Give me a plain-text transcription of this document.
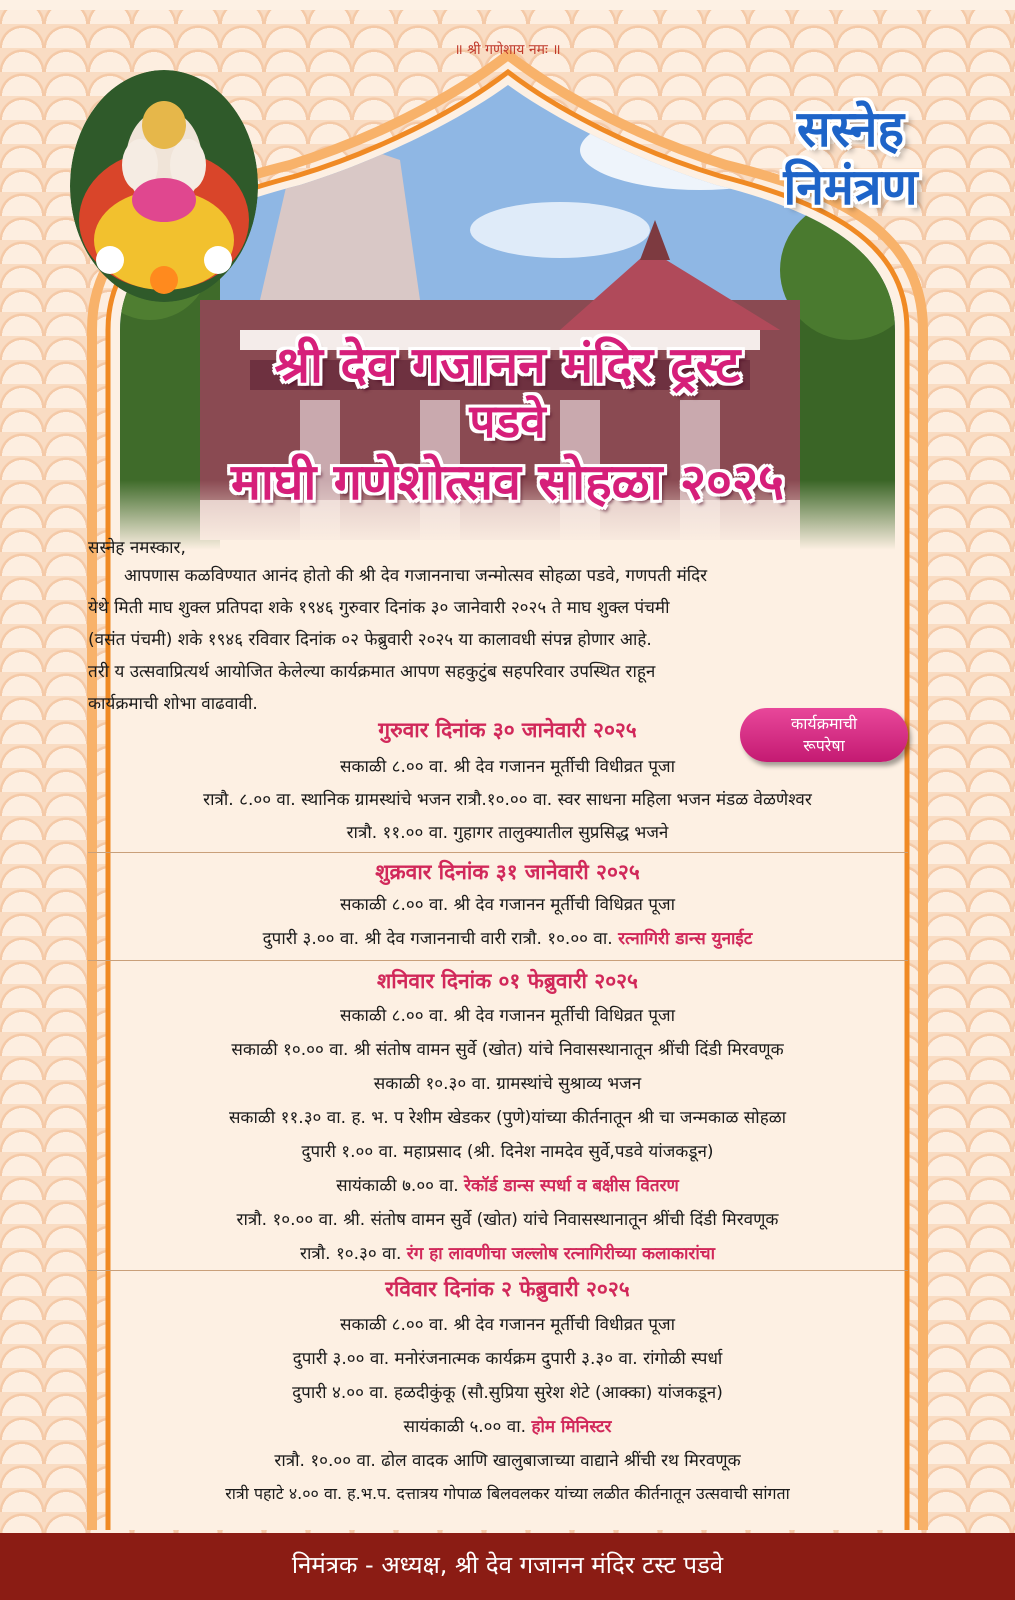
॥ श्री गणेशाय नमः ॥
सस्नेह
निमंत्रण
श्री देव गजानन मंदिर ट्रस्ट
पडवे
माघी गणेशोत्सव सोहळा २०२५
सस्नेह नमस्कार,
आपणास कळविण्यात आनंद होतो की श्री देव गजाननाचा जन्मोत्सव सोहळा पडवे, गणपती मंदिर
येथे मिती माघ शुक्ल प्रतिपदा शके १९४६ गुरुवार दिनांक ३० जानेवारी २०२५ ते माघ शुक्ल पंचमी
(वसंत पंचमी) शके १९४६ रविवार दिनांक ०२ फेब्रुवारी २०२५ या कालावधी संपन्न होणार आहे.
तरी य उत्सवाप्रित्यर्थ आयोजित केलेल्या कार्यक्रमात आपण सहकुटुंब सहपरिवार उपस्थित राहून
कार्यक्रमाची शोभा वाढवावी.
कार्यक्रमाची
रूपरेषा
गुरुवार दिनांक ३० जानेवारी २०२५
सकाळी ८.०० वा. श्री देव गजानन मूर्तीची विधीव्रत पूजा
रात्रौ. ८.०० वा. स्थानिक ग्रामस्थांचे भजन रात्रौ.१०.०० वा. स्वर साधना महिला भजन मंडळ वेळणेश्वर
रात्रौ. ११.०० वा. गुहागर तालुक्यातील सुप्रसिद्ध भजने
शुक्रवार दिनांक ३१ जानेवारी २०२५
सकाळी ८.०० वा. श्री देव गजानन मूर्तीची विधिव्रत पूजा
दुपारी ३.०० वा. श्री देव गजाननाची वारी रात्रौ. १०.०० वा. रत्नागिरी डान्स युनाईट
शनिवार दिनांक ०१ फेब्रुवारी २०२५
सकाळी ८.०० वा. श्री देव गजानन मूर्तीची विधिव्रत पूजा
सकाळी १०.०० वा. श्री संतोष वामन सुर्वे (खोत) यांचे निवासस्थानातून श्रींची दिंडी मिरवणूक
सकाळी १०.३० वा. ग्रामस्थांचे सुश्राव्य भजन
सकाळी ११.३० वा. ह. भ. प रेशीम खेडकर (पुणे)यांच्या कीर्तनातून श्री चा जन्मकाळ सोहळा
दुपारी १.०० वा. महाप्रसाद (श्री. दिनेश नामदेव सुर्वे,पडवे यांजकडून)
सायंकाळी ७.०० वा. रेकॉर्ड डान्स स्पर्धा व बक्षीस वितरण
रात्रौ. १०.०० वा. श्री. संतोष वामन सुर्वे (खोत) यांचे निवासस्थानातून श्रींची दिंडी मिरवणूक
रात्रौ. १०.३० वा. रंग हा लावणीचा जल्लोष रत्नागिरीच्या कलाकारांचा
रविवार दिनांक २ फेब्रुवारी २०२५
सकाळी ८.०० वा. श्री देव गजानन मूर्तीची विधीव्रत पूजा
दुपारी ३.०० वा. मनोरंजनात्मक कार्यक्रम दुपारी ३.३० वा. रांगोळी स्पर्धा
दुपारी ४.०० वा. हळदीकुंकू (सौ.सुप्रिया सुरेश शेटे (आक्का) यांजकडून)
सायंकाळी ५.०० वा. होम मिनिस्टर
रात्रौ. १०.०० वा. ढोल वादक आणि खालुबाजाच्या वाद्याने श्रींची रथ मिरवणूक
रात्री पहाटे ४.०० वा. ह.भ.प. दत्तात्रय गोपाळ बिलवलकर यांच्या लळीत कीर्तनातून उत्सवाची सांगता
निमंत्रक - अध्यक्ष, श्री देव गजानन मंदिर टस्ट पडवे
